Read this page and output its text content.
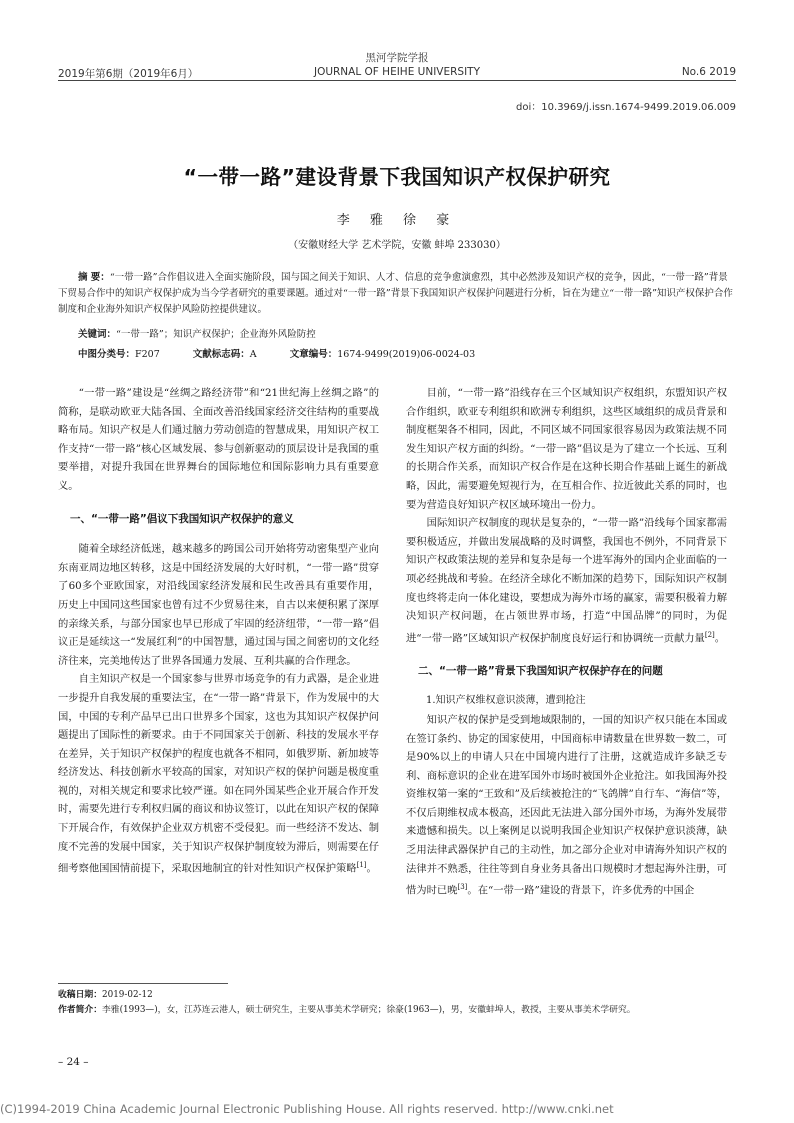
黑河学院学报
2019年第6期（2019年6月）	JOURNAL OF HEIHE UNIVERSITY	No.6 2019
doi：10.3969/j.issn.1674-9499.2019.06.009
“一带一路”建设背景下我国知识产权保护研究
李 雅 徐 豪
（安徽财经大学 艺术学院，安徽 蚌埠 233030）
摘 要：“一带一路”合作倡议进入全面实施阶段，国与国之间关于知识、人才、信息的竞争愈演愈烈，其中必然涉及知识产权的竞争，因此，“一带一路”背景下贸易合作中的知识产权保护成为当今学者研究的重要课题。通过对“一带一路”背景下我国知识产权保护问题进行分析，旨在为建立“一带一路”知识产权保护合作制度和企业海外知识产权保护风险防控提供建议。
关键词：“一带一路”；知识产权保护；企业海外风险防控
中图分类号：F207	文献标志码：A	文章编号：1674-9499(2019)06-0024-03

“一带一路”建设是“丝绸之路经济带”和“21世纪海上丝绸之路”的简称，是联动欧亚大陆各国、全面改善沿线国家经济交往结构的重要战略布局。知识产权是人们通过脑力劳动创造的智慧成果，用知识产权工作支持“一带一路”核心区域发展、参与创新驱动的顶层设计是我国的重要举措，对提升我国在世界舞台的国际地位和国际影响力具有重要意义。

一、“一带一路”倡议下我国知识产权保护的意义

随着全球经济低迷，越来越多的跨国公司开始将劳动密集型产业向东南亚周边地区转移，这是中国经济发展的大好时机，“一带一路”贯穿了60多个亚欧国家，对沿线国家经济发展和民生改善具有重要作用，历史上中国同这些国家也曾有过不少贸易往来，自古以来便积累了深厚的亲缘关系，与部分国家也早已形成了牢固的经济纽带，“一带一路”倡议正是延续这一“发展红利”的中国智慧，通过国与国之间密切的文化经济往来，完美地传达了世界各国通力发展、互利共赢的合作理念。

自主知识产权是一个国家参与世界市场竞争的有力武器，是企业进一步提升自我发展的重要法宝，在“一带一路”背景下，作为发展中的大国，中国的专利产品早已出口世界多个国家，这也为其知识产权保护问题提出了国际性的新要求。由于不同国家关于创新、科技的发展水平存在差异，关于知识产权保护的程度也就各不相同，如俄罗斯、新加坡等经济发达、科技创新水平较高的国家，对知识产权的保护问题是极度重视的，对相关规定和要求比较严谨。如在同外国某些企业开展合作开发时，需要先进行专利权归属的商议和协议签订，以此在知识产权的保障下开展合作，有效保护企业双方机密不受侵犯。而一些经济不发达、制度不完善的发展中国家，关于知识产权保护制度较为滞后，则需要在仔细考察他国国情前提下，采取因地制宜的针对性知识产权保护策略[1]。

目前，“一带一路”沿线存在三个区域知识产权组织，东盟知识产权合作组织，欧亚专利组织和欧洲专利组织，这些区域组织的成员背景和制度框架各不相同，因此，不同区域不同国家很容易因为政策法规不同发生知识产权方面的纠纷。“一带一路”倡议是为了建立一个长远、互利的长期合作关系，而知识产权合作是在这种长期合作基础上诞生的新战略，因此，需要避免短视行为，在互相合作、拉近彼此关系的同时，也要为营造良好知识产权区域环境出一份力。

国际知识产权制度的现状是复杂的，“一带一路”沿线每个国家都需要积极适应，并做出发展战略的及时调整，我国也不例外，不同背景下知识产权政策法规的差异和复杂是每一个进军海外的国内企业面临的一项必经挑战和考验。在经济全球化不断加深的趋势下，国际知识产权制度也终将走向一体化建设，要想成为海外市场的赢家，需要积极着力解决知识产权问题，在占领世界市场，打造“中国品牌”的同时，为促进“一带一路”区域知识产权保护制度良好运行和协调统一贡献力量[2]。

二、“一带一路”背景下我国知识产权保护存在的问题

1.知识产权维权意识淡薄，遭到抢注

知识产权的保护是受到地域限制的，一国的知识产权只能在本国或在签订条约、协定的国家使用，中国商标申请数量在世界数一数二，可是90%以上的申请人只在中国境内进行了注册，这就造成许多缺乏专利、商标意识的企业在进军国外市场时被国外企业抢注。如我国海外投资维权第一案的“王致和”及后续被抢注的“飞鸽牌”自行车、“海信”等，不仅后期维权成本极高，还因此无法进入部分国外市场，为海外发展带来遗憾和损失。以上案例足以说明我国企业知识产权保护意识淡薄，缺乏用法律武器保护自己的主动性，加之部分企业对申请海外知识产权的法律并不熟悉，往往等到自身业务具备出口规模时才想起海外注册，可惜为时已晚[3]。在“一带一路”建设的背景下，许多优秀的中国企

收稿日期：2019-02-12
作者简介：李雅(1993—)，女，江苏连云港人，硕士研究生，主要从事美术学研究；徐豪(1963—)，男，安徽蚌埠人，教授，主要从事美术学研究。
– 24 –
(C)1994-2019 China Academic Journal Electronic Publishing House. All rights reserved. http://www.cnki.net
